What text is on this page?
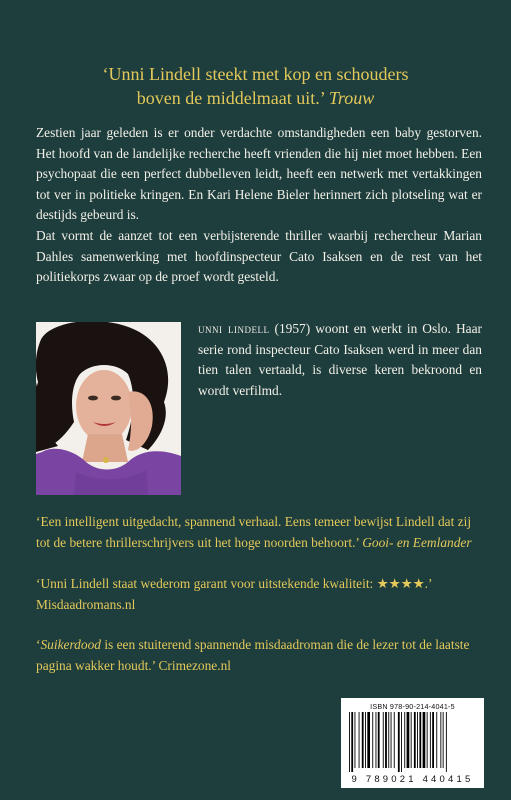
‘Unni Lindell steekt met kop en schouders
boven de middelmaat uit.’ Trouw

Zestien jaar geleden is er onder verdachte omstandigheden een baby gestorven. Het hoofd van de landelijke recherche heeft vrienden die hij niet moet hebben. Een psychopaat die een perfect dubbelleven leidt, heeft een netwerk met vertakkingen tot ver in politieke kringen. En Kari Helene Bieler herinnert zich plotseling wat er destijds gebeurd is.

Dat vormt de aanzet tot een verbijsterende thriller waarbij rechercheur Marian Dahles samenwerking met hoofdinspecteur Cato Isaksen en de rest van het politiekorps zwaar op de proef wordt gesteld.

unni lindell (1957) woont en werkt in Oslo. Haar serie rond inspecteur Cato Isaksen werd in meer dan tien talen vertaald, is diverse keren bekroond en wordt verfilmd.
‘Een intelligent uitgedacht, spannend verhaal. Eens temeer bewijst Lindell dat zij tot de betere thrillerschrijvers uit het hoge noorden behoort.’ Gooi- en Eemlander
‘Unni Lindell staat wederom garant voor uitstekende kwaliteit: ★★★★.’
Misdaadromans.nl
‘Suikerdood is een stuiterend spannende misdaadroman die de lezer tot de laatste pagina wakker houdt.’ Crimezone.nl
ISBN 978-90-214-4041-5
9 789021 440415
